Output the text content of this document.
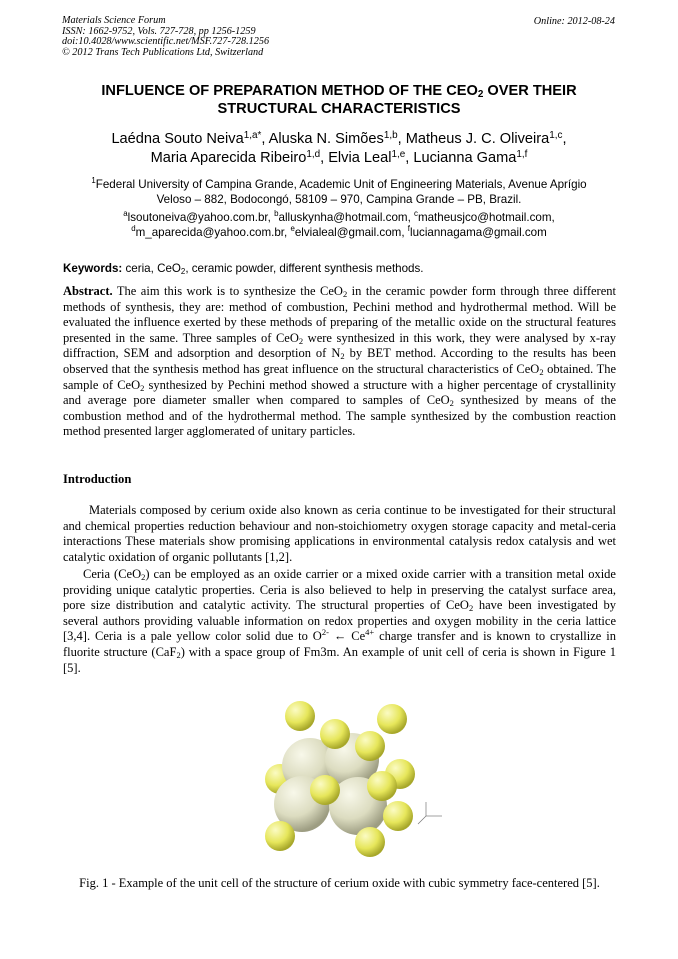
Materials Science Forum
ISSN: 1662-9752, Vols. 727-728, pp 1256-1259
doi:10.4028/www.scientific.net/MSF.727-728.1256
© 2012 Trans Tech Publications Ltd, Switzerland
Online: 2012-08-24
INFLUENCE OF PREPARATION METHOD OF THE $CEO_2$ OVER THEIR STRUCTURAL CHARACTERISTICS
Laédna Souto Neiva$^{1,a*}$, Aluska N. Simões$^{1,b}$, Matheus J. C. Oliveira$^{1,c}$,
Maria Aparecida Ribeiro$^{1,d}$, Elvia Leal$^{1,e}$, Lucianna Gama$^{1,f}$
$^1$Federal University of Campina Grande, Academic Unit of Engineering Materials, Avenue Aprígio
Veloso – 882, Bodocongó, 58109 – 970, Campina Grande – PB, Brazil.
$^a$lsoutoneiva@yahoo.com.br, $^b$alluskynha@hotmail.com, $^c$matheusjco@hotmail.com,
$^d$m_aparecida@yahoo.com.br, $^e$elvialeal@gmail.com, $^f$luciannagama@gmail.com
Keywords: ceria, CeO$_2$, ceramic powder, different synthesis methods.
Abstract. The aim this work is to synthesize the CeO$_2$ in the ceramic powder form through three different methods of synthesis, they are: method of combustion, Pechini method and hydrothermal method. Will be evaluated the influence exerted by these methods of preparing of the metallic oxide on the structural features presented in the same. Three samples of CeO$_2$ were synthesized in this work, they were analysed by x-ray diffraction, SEM and adsorption and desorption of $N_2$ by BET method. According to the results has been observed that the synthesis method has great influence on the structural characteristics of CeO$_2$ obtained. The sample of CeO$_2$ synthesized by Pechini method showed a structure with a higher percentage of crystallinity and average pore diameter smaller when compared to samples of CeO$_2$ synthesized by means of the combustion method and of the hydrothermal method. The sample synthesized by the combustion reaction method presented larger agglomerated of unitary particles.
Introduction
Materials composed by cerium oxide also known as ceria continue to be investigated for their structural and chemical properties reduction behaviour and non-stoichiometry oxygen storage capacity and metal-ceria interactions These materials show promising applications in environmental catalysis redox catalysis and wet catalytic oxidation of organic pollutants [1,2].
Ceria (CeO$_2$) can be employed as an oxide carrier or a mixed oxide carrier with a transition metal oxide providing unique catalytic properties. Ceria is also believed to help in preserving the catalyst surface area, pore size distribution and catalytic activity. The structural properties of CeO$_2$ have been investigated by several authors providing valuable information on redox properties and oxygen mobility in the ceria lattice [3,4]. Ceria is a pale yellow color solid due to $O^{2-}$ ← $Ce^{4+}$ charge transfer and is known to crystallize in fluorite structure (CaF$_2$) with a space group of Fm3m. An example of unit cell of ceria is shown in Figure 1 [5].
Fig. 1 - Example of the unit cell of the structure of cerium oxide with cubic symmetry face-centered [5].
